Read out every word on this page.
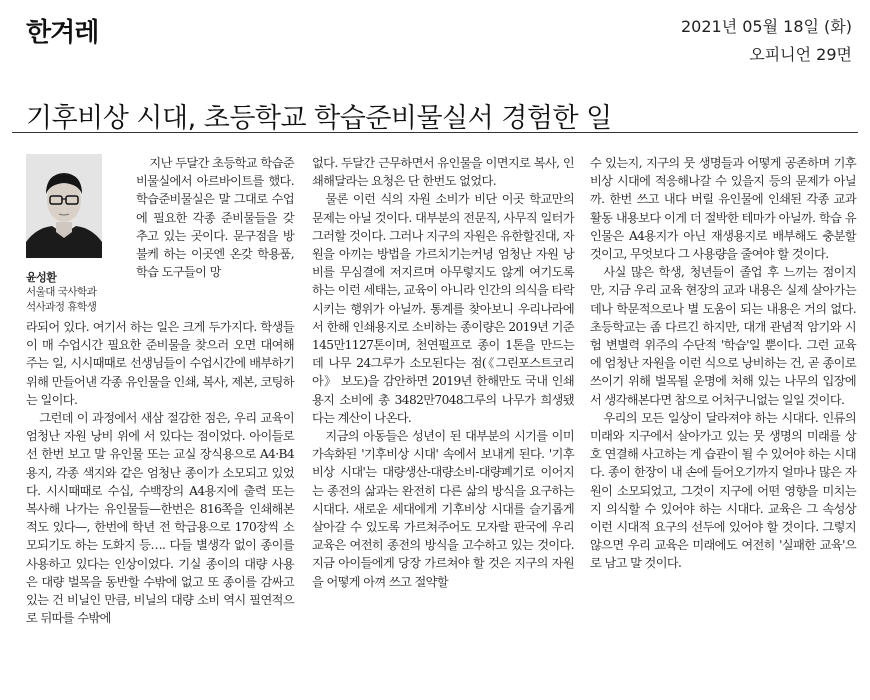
한겨레	2021년 05월 18일 (화)
오피니언 29면
기후비상 시대, 초등학교 학습준비물실서 경험한 일
윤성환
서울대 국사학과
석사과정 휴학생

지난 두달간 초등학교 학습준비물실에서 아르바이트를 했다. 학습준비물실은 말 그대로 수업에 필요한 각종 준비물들을 갖추고 있는 곳이다. 문구점을 방불케 하는 이곳엔 온갖 학용품, 학습 도구들이 망

라되어 있다. 여기서 하는 일은 크게 두가지다. 학생들이 매 수업시간 필요한 준비물을 찾으러 오면 대여해주는 일, 시시때때로 선생님들이 수업시간에 배부하기 위해 만들어낸 각종 유인물을 인쇄, 복사, 제본, 코팅하는 일이다.

그런데 이 과정에서 새삼 절감한 점은, 우리 교육이 엄청난 자원 낭비 위에 서 있다는 점이었다. 아이들로선 한번 보고 말 유인물 또는 교실 장식용으로 A4·B4용지, 각종 색지와 같은 엄청난 종이가 소모되고 있었다. 시시때때로 수십, 수백장의 A4용지에 출력 또는 복사해 나가는 유인물들—한번은 816쪽을 인쇄해본 적도 있다—, 한번에 학년 전 학급용으로 170장씩 소모되기도 하는 도화지 등…. 다들 별생각 없이 종이를 사용하고 있다는 인상이었다. 기실 종이의 대량 사용은 대량 벌목을 동반할 수밖에 없고 또 종이를 감싸고 있는 건 비닐인 만큼, 비닐의 대량 소비 역시 필연적으로 뒤따를 수밖에

없다. 두달간 근무하면서 유인물을 이면지로 복사, 인쇄해달라는 요청은 단 한번도 없었다.

물론 이런 식의 자원 소비가 비단 이곳 학교만의 문제는 아닐 것이다. 대부분의 전문직, 사무직 일터가 그러할 것이다. 그러나 지구의 자원은 유한할진대, 자원을 아끼는 방법을 가르치기는커녕 엄청난 자원 낭비를 무심결에 저지르며 아무렇지도 않게 여기도록 하는 이런 세태는, 교육이 아니라 인간의 의식을 타락시키는 행위가 아닐까. 통계를 찾아보니 우리나라에서 한해 인쇄용지로 소비하는 종이량은 2019년 기준 145만1127톤이며, 천연펄프로 종이 1톤을 만드는 데 나무 24그루가 소모된다는 점(《그린포스트코리아》 보도)을 감안하면 2019년 한해만도 국내 인쇄용지 소비에 총 3482만7048그루의 나무가 희생됐다는 계산이 나온다.

지금의 아동들은 성년이 된 대부분의 시기를 이미 가속화된 '기후비상 시대' 속에서 보내게 된다. '기후비상 시대'는 대량생산-대량소비-대량폐기로 이어지는 종전의 삶과는 완전히 다른 삶의 방식을 요구하는 시대다. 새로운 세대에게 기후비상 시대를 슬기롭게 살아갈 수 있도록 가르쳐주어도 모자랄 판국에 우리 교육은 여전히 종전의 방식을 고수하고 있는 것이다. 지금 아이들에게 당장 가르쳐야 할 것은 지구의 자원을 어떻게 아껴 쓰고 절약할

수 있는지, 지구의 뭇 생명들과 어떻게 공존하며 기후비상 시대에 적응해나갈 수 있을지 등의 문제가 아닐까. 한번 쓰고 내다 버릴 유인물에 인쇄된 각종 교과 활동 내용보다 이게 더 절박한 테마가 아닐까. 학습 유인물은 A4용지가 아닌 재생용지로 배부해도 충분할 것이고, 무엇보다 그 사용량을 줄여야 할 것이다.

사실 많은 학생, 청년들이 졸업 후 느끼는 점이지만, 지금 우리 교육 현장의 교과 내용은 실제 살아가는 데나 학문적으로나 별 도움이 되는 내용은 거의 없다. 초등학교는 좀 다르긴 하지만, 대개 관념적 암기와 시험 변별력 위주의 수단적 '학습'일 뿐이다. 그런 교육에 엄청난 자원을 이런 식으로 낭비하는 건, 곧 종이로 쓰이기 위해 벌목될 운명에 처해 있는 나무의 입장에서 생각해본다면 참으로 어처구니없는 일일 것이다.

우리의 모든 일상이 달라져야 하는 시대다. 인류의 미래와 지구에서 살아가고 있는 뭇 생명의 미래를 상호 연결해 사고하는 게 습관이 될 수 있어야 하는 시대다. 종이 한장이 내 손에 들어오기까지 얼마나 많은 자원이 소모되었고, 그것이 지구에 어떤 영향을 미치는지 의식할 수 있어야 하는 시대다. 교육은 그 속성상 이런 시대적 요구의 선두에 있어야 할 것이다. 그렇지 않으면 우리 교육은 미래에도 여전히 '실패한 교육'으로 남고 말 것이다.
